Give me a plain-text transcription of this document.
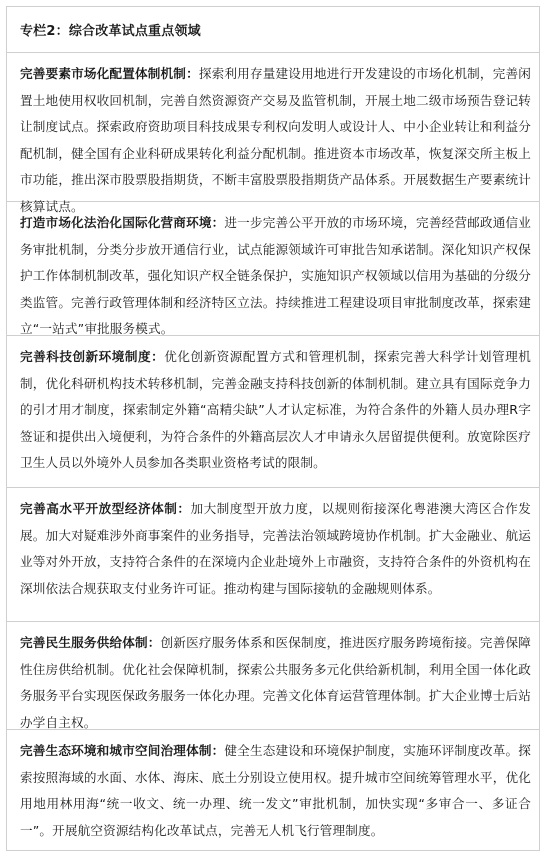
专栏2：综合改革试点重点领域
完善要素市场化配置体制机制：探索利用存量建设用地进行开发建设的市场化机制，完善闲置土地使用权收回机制，完善自然资源资产交易及监管机制，开展土地二级市场预告登记转让制度试点。探索政府资助项目科技成果专利权向发明人或设计人、中小企业转让和利益分配机制，健全国有企业科研成果转化利益分配机制。推进资本市场改革，恢复深交所主板上市功能，推出深市股票股指期货，不断丰富股票股指期货产品体系。开展数据生产要素统计核算试点。
打造市场化法治化国际化营商环境：进一步完善公平开放的市场环境，完善经营邮政通信业务审批机制，分类分步放开通信行业，试点能源领域许可审批告知承诺制。深化知识产权保护工作体制机制改革，强化知识产权全链条保护，实施知识产权领域以信用为基础的分级分类监管。完善行政管理体制和经济特区立法。持续推进工程建设项目审批制度改革，探索建立“一站式”审批服务模式。
完善科技创新环境制度：优化创新资源配置方式和管理机制，探索完善大科学计划管理机制，优化科研机构技术转移机制，完善金融支持科技创新的体制机制。建立具有国际竞争力的引才用才制度，探索制定外籍“高精尖缺”人才认定标准，为符合条件的外籍人员办理R字签证和提供出入境便利，为符合条件的外籍高层次人才申请永久居留提供便利。放宽除医疗卫生人员以外境外人员参加各类职业资格考试的限制。
完善高水平开放型经济体制：加大制度型开放力度，以规则衔接深化粤港澳大湾区合作发展。加大对疑难涉外商事案件的业务指导，完善法治领域跨境协作机制。扩大金融业、航运业等对外开放，支持符合条件的在深境内企业赴境外上市融资，支持符合条件的外资机构在深圳依法合规获取支付业务许可证。推动构建与国际接轨的金融规则体系。
完善民生服务供给体制：创新医疗服务体系和医保制度，推进医疗服务跨境衔接。完善保障性住房供给机制。优化社会保障机制，探索公共服务多元化供给新机制，利用全国一体化政务服务平台实现医保政务服务一体化办理。完善文化体育运营管理体制。扩大企业博士后站办学自主权。
完善生态环境和城市空间治理体制：健全生态建设和环境保护制度，实施环评制度改革。探索按照海域的水面、水体、海床、底土分别设立使用权。提升城市空间统筹管理水平，优化用地用林用海“统一收文、统一办理、统一发文”审批机制，加快实现“多审合一、多证合一”。开展航空资源结构化改革试点，完善无人机飞行管理制度。
